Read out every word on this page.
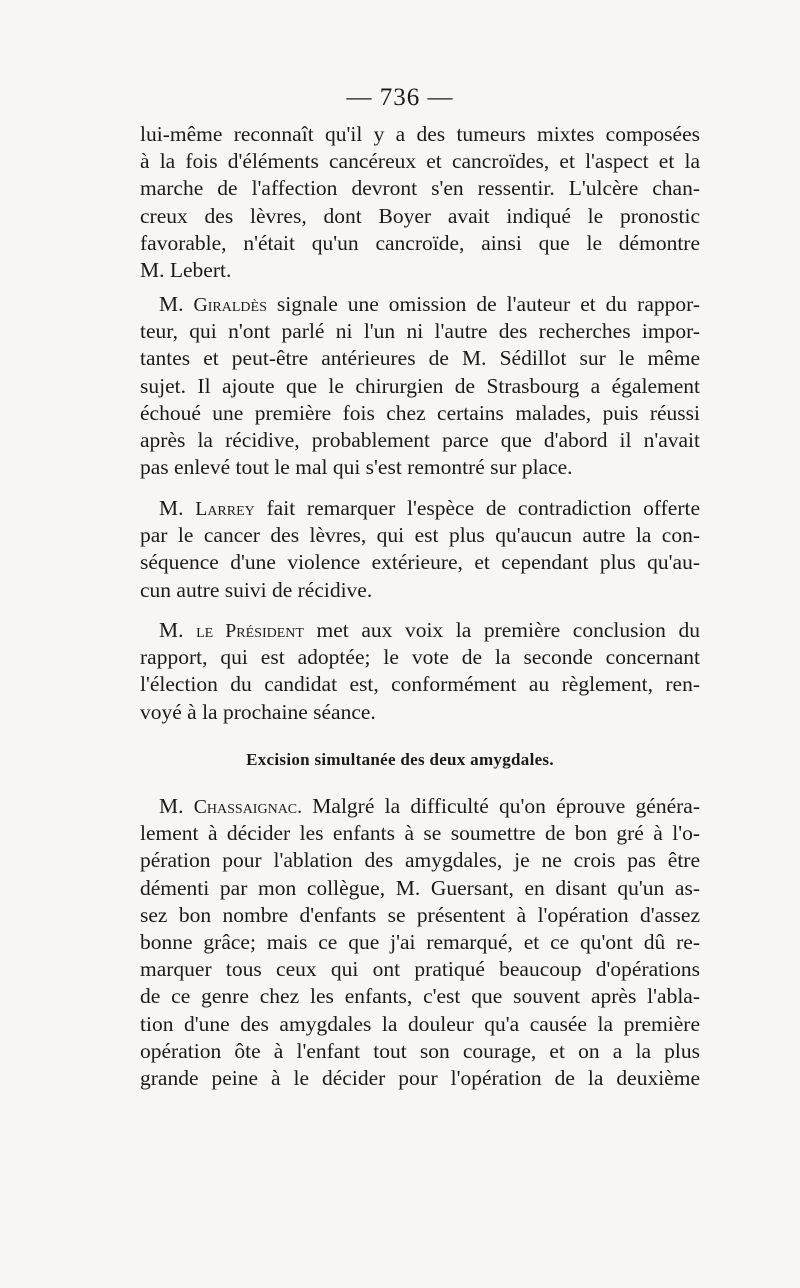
— 736 —
lui-même reconnaît qu'il y a des tumeurs mixtes composées
à la fois d'éléments cancéreux et cancroïdes, et l'aspect et la
marche de l'affection devront s'en ressentir. L'ulcère chan-
creux des lèvres, dont Boyer avait indiqué le pronostic
favorable, n'était qu'un cancroïde, ainsi que le démontre
M. Lebert.
M. Giraldès signale une omission de l'auteur et du rappor-
teur, qui n'ont parlé ni l'un ni l'autre des recherches impor-
tantes et peut-être antérieures de M. Sédillot sur le même
sujet. Il ajoute que le chirurgien de Strasbourg a également
échoué une première fois chez certains malades, puis réussi
après la récidive, probablement parce que d'abord il n'avait
pas enlevé tout le mal qui s'est remontré sur place.
M. Larrey fait remarquer l'espèce de contradiction offerte
par le cancer des lèvres, qui est plus qu'aucun autre la con-
séquence d'une violence extérieure, et cependant plus qu'au-
cun autre suivi de récidive.
M. le Président met aux voix la première conclusion du
rapport, qui est adoptée; le vote de la seconde concernant
l'élection du candidat est, conformément au règlement, ren-
voyé à la prochaine séance.
Excision simultanée des deux amygdales.
M. Chassaignac. Malgré la difficulté qu'on éprouve généra-
lement à décider les enfants à se soumettre de bon gré à l'o-
pération pour l'ablation des amygdales, je ne crois pas être
démenti par mon collègue, M. Guersant, en disant qu'un as-
sez bon nombre d'enfants se présentent à l'opération d'assez
bonne grâce; mais ce que j'ai remarqué, et ce qu'ont dû re-
marquer tous ceux qui ont pratiqué beaucoup d'opérations
de ce genre chez les enfants, c'est que souvent après l'abla-
tion d'une des amygdales la douleur qu'a causée la première
opération ôte à l'enfant tout son courage, et on a la plus
grande peine à le décider pour l'opération de la deuxième
